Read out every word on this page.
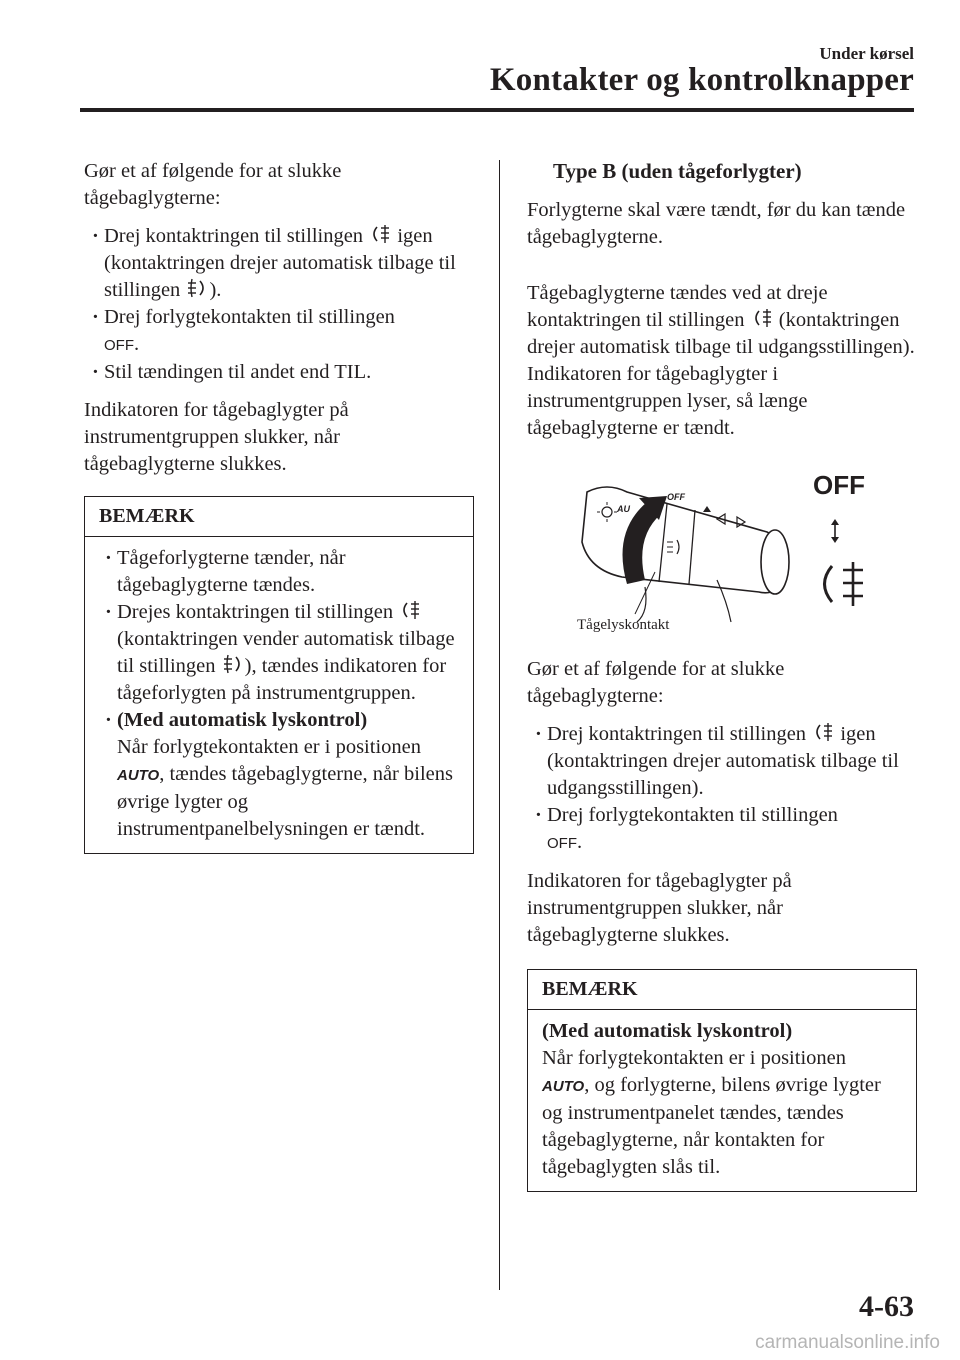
Under kørsel
Kontakter og kontrolknapper

Gør et af følgende for at slukke tågebaglygterne:

· Drej kontaktringen til stillingen igen (kontaktringen drejer automatisk tilbage til stillingen ).

· Drej forlygtekontakten til stillingen
OFF.

· Stil tændingen til andet end TIL.

Indikatoren for tågebaglygter på instrumentgruppen slukker, når tågebaglygterne slukkes.

BEMÆRK

· Tågeforlygterne tænder, når tågebaglygterne tændes.

· Drejes kontaktringen til stillingen  (kontaktringen vender automatisk tilbage til stillingen ), tændes indikatoren for tågeforlygten på instrumentgruppen.

· (Med automatisk lyskontrol)
Når forlygtekontakten er i positionen AUTO, tændes tågebaglygterne, når bilens øvrige lygter og instrumentpanelbelysningen er tændt.

Type B (uden tågeforlygter)

Forlygterne skal være tændt, før du kan tænde tågebaglygterne.

Tågebaglygterne tændes ved at dreje kontaktringen til stillingen (kontaktringen drejer automatisk tilbage til udgangsstillingen).

Indikatoren for tågebaglygter i instrumentgruppen lyser, så længe tågebaglygterne er tændt.

OFF
AU
OFF
Tågelyskontakt

Gør et af følgende for at slukke tågebaglygterne:

· Drej kontaktringen til stillingen igen (kontaktringen drejer automatisk tilbage til udgangsstillingen).

· Drej forlygtekontakten til stillingen
OFF.

Indikatoren for tågebaglygter på instrumentgruppen slukker, når tågebaglygterne slukkes.

BEMÆRK

(Med automatisk lyskontrol)
Når forlygtekontakten er i positionen
AUTO, og forlygterne, bilens øvrige lygter og instrumentpanelet tændes, tændes tågebaglygterne, når kontakten for tågebaglygten slås til.

4-63
carmanualsonline.info
